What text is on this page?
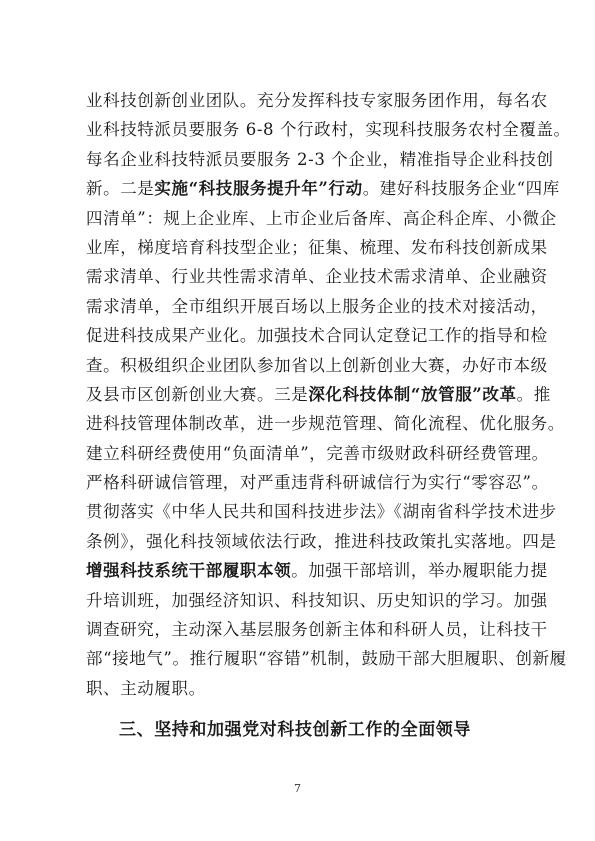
业科技创新创业团队。充分发挥科技专家服务团作用，每名农
业科技特派员要服务 6-8 个行政村，实现科技服务农村全覆盖。
每名企业科技特派员要服务 2-3 个企业，精准指导企业科技创
新。二是实施“科技服务提升年”行动。建好科技服务企业“四库
四清单”：规上企业库、上市企业后备库、高企科企库、小微企
业库，梯度培育科技型企业；征集、梳理、发布科技创新成果
需求清单、行业共性需求清单、企业技术需求清单、企业融资
需求清单，全市组织开展百场以上服务企业的技术对接活动，
促进科技成果产业化。加强技术合同认定登记工作的指导和检
查。积极组织企业团队参加省以上创新创业大赛，办好市本级
及县市区创新创业大赛。三是深化科技体制“放管服”改革。推
进科技管理体制改革，进一步规范管理、简化流程、优化服务。
建立科研经费使用“负面清单”，完善市级财政科研经费管理。
严格科研诚信管理，对严重违背科研诚信行为实行“零容忍”。
贯彻落实《中华人民共和国科技进步法》《湖南省科学技术进步
条例》，强化科技领域依法行政，推进科技政策扎实落地。四是
增强科技系统干部履职本领。加强干部培训，举办履职能力提
升培训班，加强经济知识、科技知识、历史知识的学习。加强
调查研究，主动深入基层服务创新主体和科研人员，让科技干
部“接地气”。推行履职“容错”机制，鼓励干部大胆履职、创新履
职、主动履职。
三、坚持和加强党对科技创新工作的全面领导
7
